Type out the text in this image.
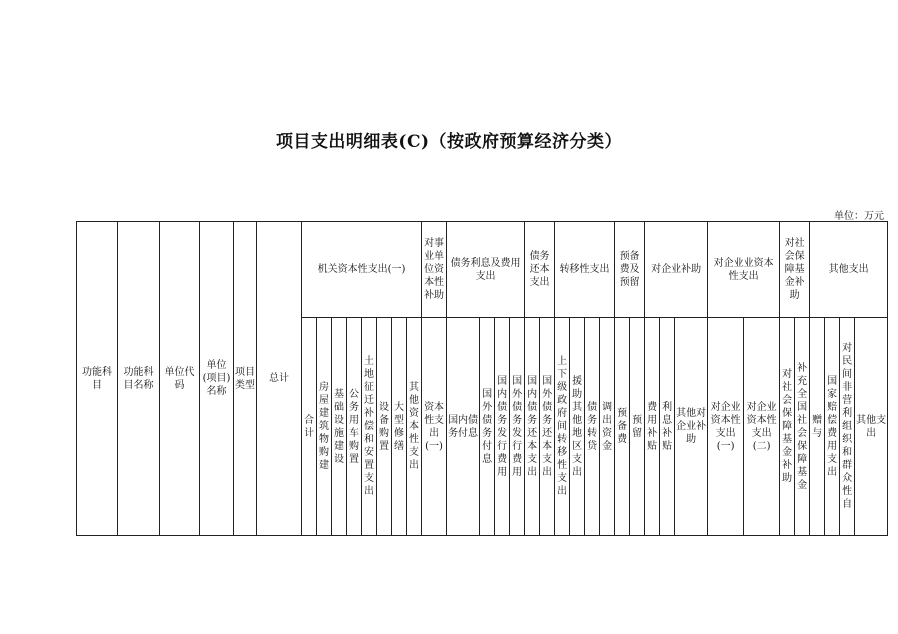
项目支出明细表(C)（按政府预算经济分类）
单位：万元
功能科目	功能科目名称	单位代码	单位(项目)名称	项目类型	总计	机关资本性支出(一)								对事业单位资本性补助	债务利息及费用支出				债务还本支出		转移性支出				预备费及预留		对企业补助			对企业业资本性支出		对社会保障基金补助		其他支出			
						合计	房屋建筑物购建	基础设施建设	公务用车购置	土地征迁补偿和安置支出	设备购置	大型修缮	其他资本性支出	资本性支出(一)	国内债务付息	国外债务付息	国内债务发行费用	国外债务发行费用	国内债务还本支出	国外债务还本支出	上下级政府间转移性支出	援助其他地区支出	债务转贷	调出资金	预备费	预留	费用补贴	利息补贴	其他对企业补助	对企业资本性支出(一)	对企业资本性支出(二)	对社会保障基金补助	补充全国社会保障基金	赠与	国家赔偿费用支出	对民间非营利组织和群众性自	其他支出
